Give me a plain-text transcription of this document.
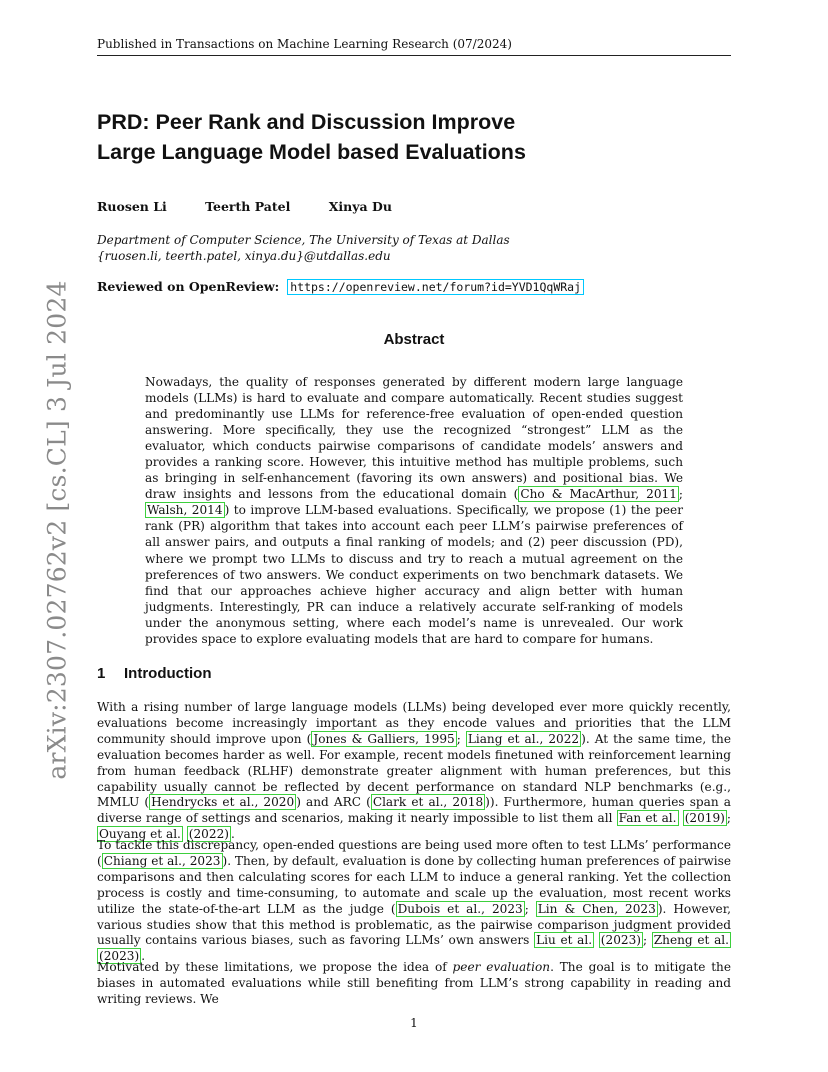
Published in Transactions on Machine Learning Research (07/2024)
arXiv:2307.02762v2 [cs.CL] 3 Jul 2024
PRD: Peer Rank and Discussion Improve
Large Language Model based Evaluations
Ruosen Li	Teerth Patel	Xinya Du
Department of Computer Science, The University of Texas at Dallas
{ruosen.li, teerth.patel, xinya.du}@utdallas.edu
Reviewed on OpenReview: https://openreview.net/forum?id=YVD1QqWRaj
Abstract

Nowadays, the quality of responses generated by different modern large language models (LLMs) is hard to evaluate and compare automatically. Recent studies suggest and predominantly use LLMs for reference-free evaluation of open-ended question answering. More specifically, they use the recognized “strongest” LLM as the evaluator, which conducts pairwise comparisons of candidate models’ answers and provides a ranking score. However, this intuitive method has multiple problems, such as bringing in self-enhancement (favoring its own answers) and positional bias. We draw insights and lessons from the educational domain ( Cho & MacArthur, 2011 ; Walsh, 2014 ) to improve LLM-based evaluations. Specifically, we propose (1) the peer rank (PR) algorithm that takes into account each peer LLM’s pairwise preferences of all answer pairs, and outputs a final ranking of models; and (2) peer discussion (PD), where we prompt two LLMs to discuss and try to reach a mutual agreement on the preferences of two answers. We conduct experiments on two benchmark datasets. We find that our approaches achieve higher accuracy and align better with human judgments. Interestingly, PR can induce a relatively accurate self-ranking of models under the anonymous setting, where each model’s name is unrevealed. Our work provides space to explore evaluating models that are hard to compare for humans.

1 Introduction

With a rising number of large language models (LLMs) being developed ever more quickly recently, evaluations become increasingly important as they encode values and priorities that the LLM community should improve upon ( Jones & Galliers, 1995 ; Liang et al., 2022 ). At the same time, the evaluation becomes harder as well. For example, recent models finetuned with reinforcement learning from human feedback (RLHF) demonstrate greater alignment with human preferences, but this capability usually cannot be reflected by decent performance on standard NLP benchmarks (e.g., MMLU ( Hendrycks et al., 2020 ) and ARC ( Clark et al., 2018 )). Furthermore, human queries span a diverse range of settings and scenarios, making it nearly impossible to list them all Fan et al. (2019) ; Ouyang et al. (2022) .

To tackle this discrepancy, open-ended questions are being used more often to test LLMs’ performance ( Chiang et al., 2023 ). Then, by default, evaluation is done by collecting human preferences of pairwise comparisons and then calculating scores for each LLM to induce a general ranking. Yet the collection process is costly and time-consuming, to automate and scale up the evaluation, most recent works utilize the state-of-the-art LLM as the judge ( Dubois et al., 2023 ; Lin & Chen, 2023 ). However, various studies show that this method is problematic, as the pairwise comparison judgment provided usually contains various biases, such as favoring LLMs’ own answers Liu et al. (2023) ; Zheng et al. (2023) .

Motivated by these limitations, we propose the idea of peer evaluation. The goal is to mitigate the biases in automated evaluations while still benefiting from LLM’s strong capability in reading and writing reviews. We

1
